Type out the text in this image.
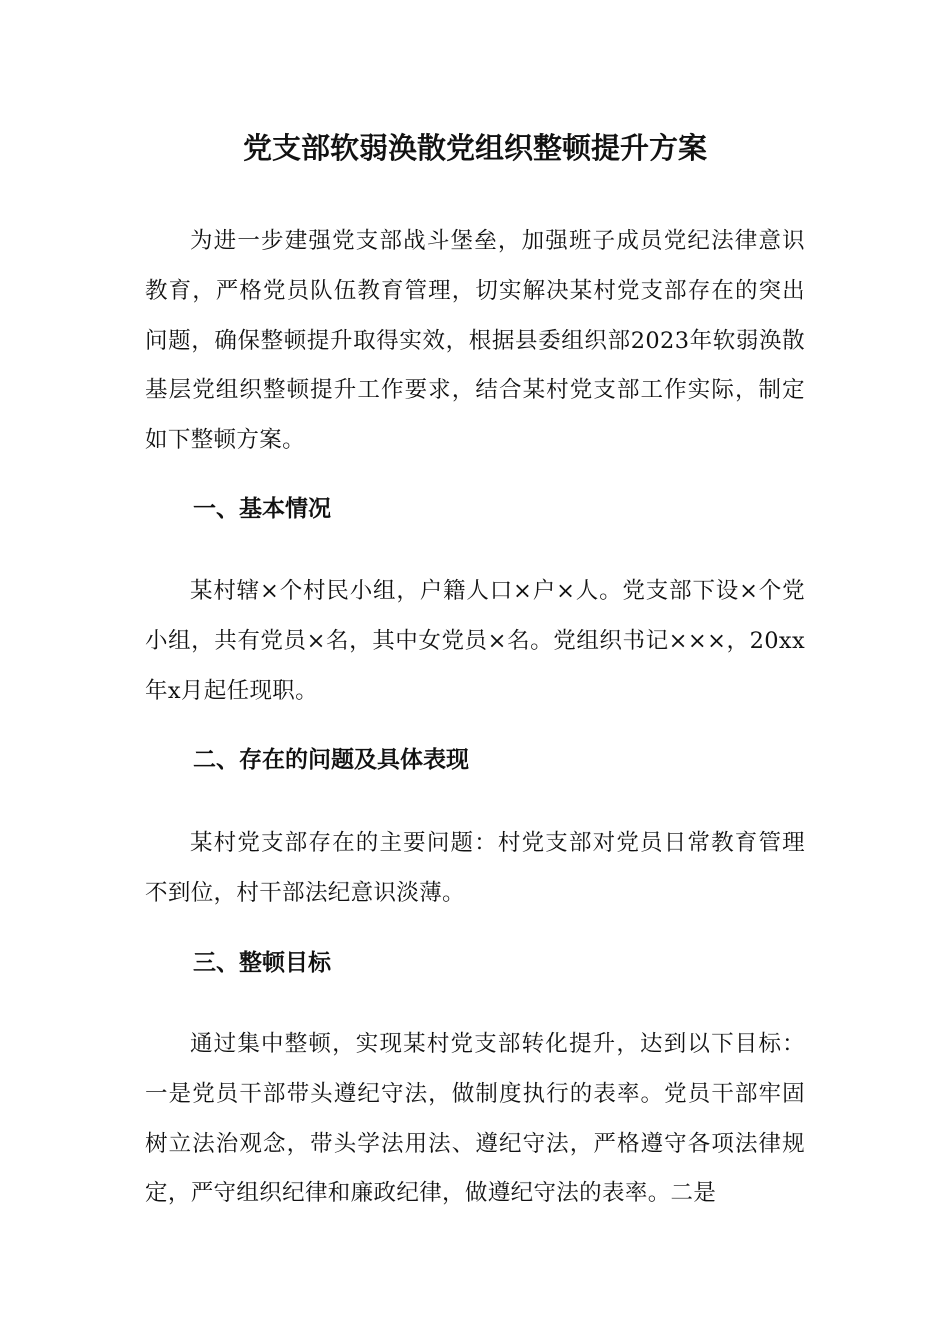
党支部软弱涣散党组织整顿提升方案

为进一步建强党支部战斗堡垒，加强班子成员党纪法律意识教育，严格党员队伍教育管理，切实解决某村党支部存在的突出问题，确保整顿提升取得实效，根据县委组织部2023年软弱涣散基层党组织整顿提升工作要求，结合某村党支部工作实际，制定如下整顿方案。

一、基本情况

某村辖×个村民小组，户籍人口×户×人。党支部下设×个党小组，共有党员×名，其中女党员×名。党组织书记×××，20xx年x月起任现职。

二、存在的问题及具体表现

某村党支部存在的主要问题：村党支部对党员日常教育管理不到位，村干部法纪意识淡薄。

三、整顿目标

通过集中整顿，实现某村党支部转化提升，达到以下目标：一是党员干部带头遵纪守法，做制度执行的表率。党员干部牢固树立法治观念，带头学法用法、遵纪守法，严格遵守各项法律规定，严守组织纪律和廉政纪律，做遵纪守法的表率。二是
